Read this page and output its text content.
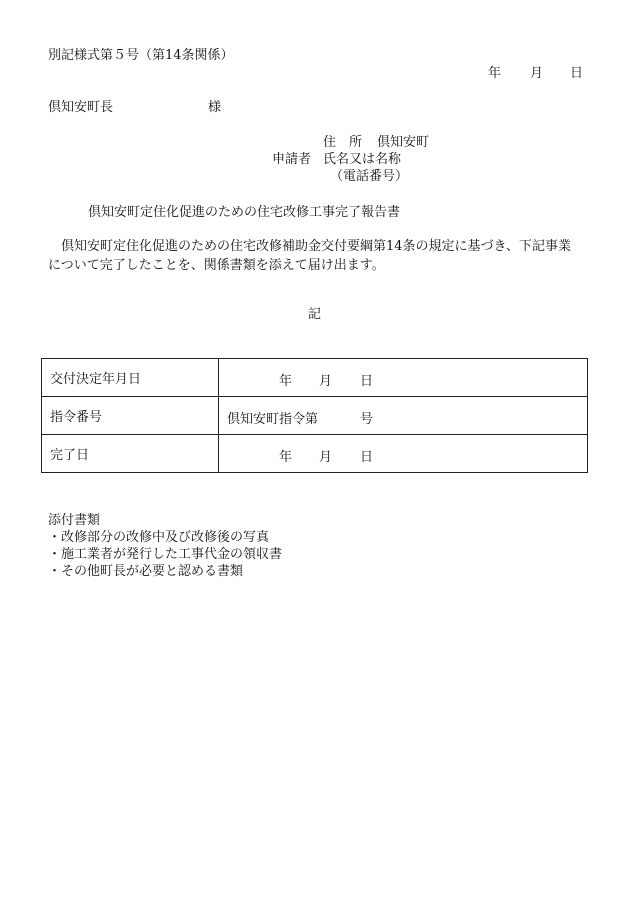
別記様式第５号（第14条関係）
年 月 日
倶知安町長	様
住　所 倶知安町
申請者 氏名又は名称
（電話番号）
倶知安町定住化促進のための住宅改修工事完了報告書

倶知安町定住化促進のための住宅改修補助金交付要綱第14条の規定に基づき、下記事業

について完了したことを、関係書類を添えて届け出ます。

記
交付決定年月日	年 月 日

指令番号	倶知安町指令第 号

完了日	年 月 日
添付書類
・改修部分の改修中及び改修後の写真
・施工業者が発行した工事代金の領収書
・その他町長が必要と認める書類
